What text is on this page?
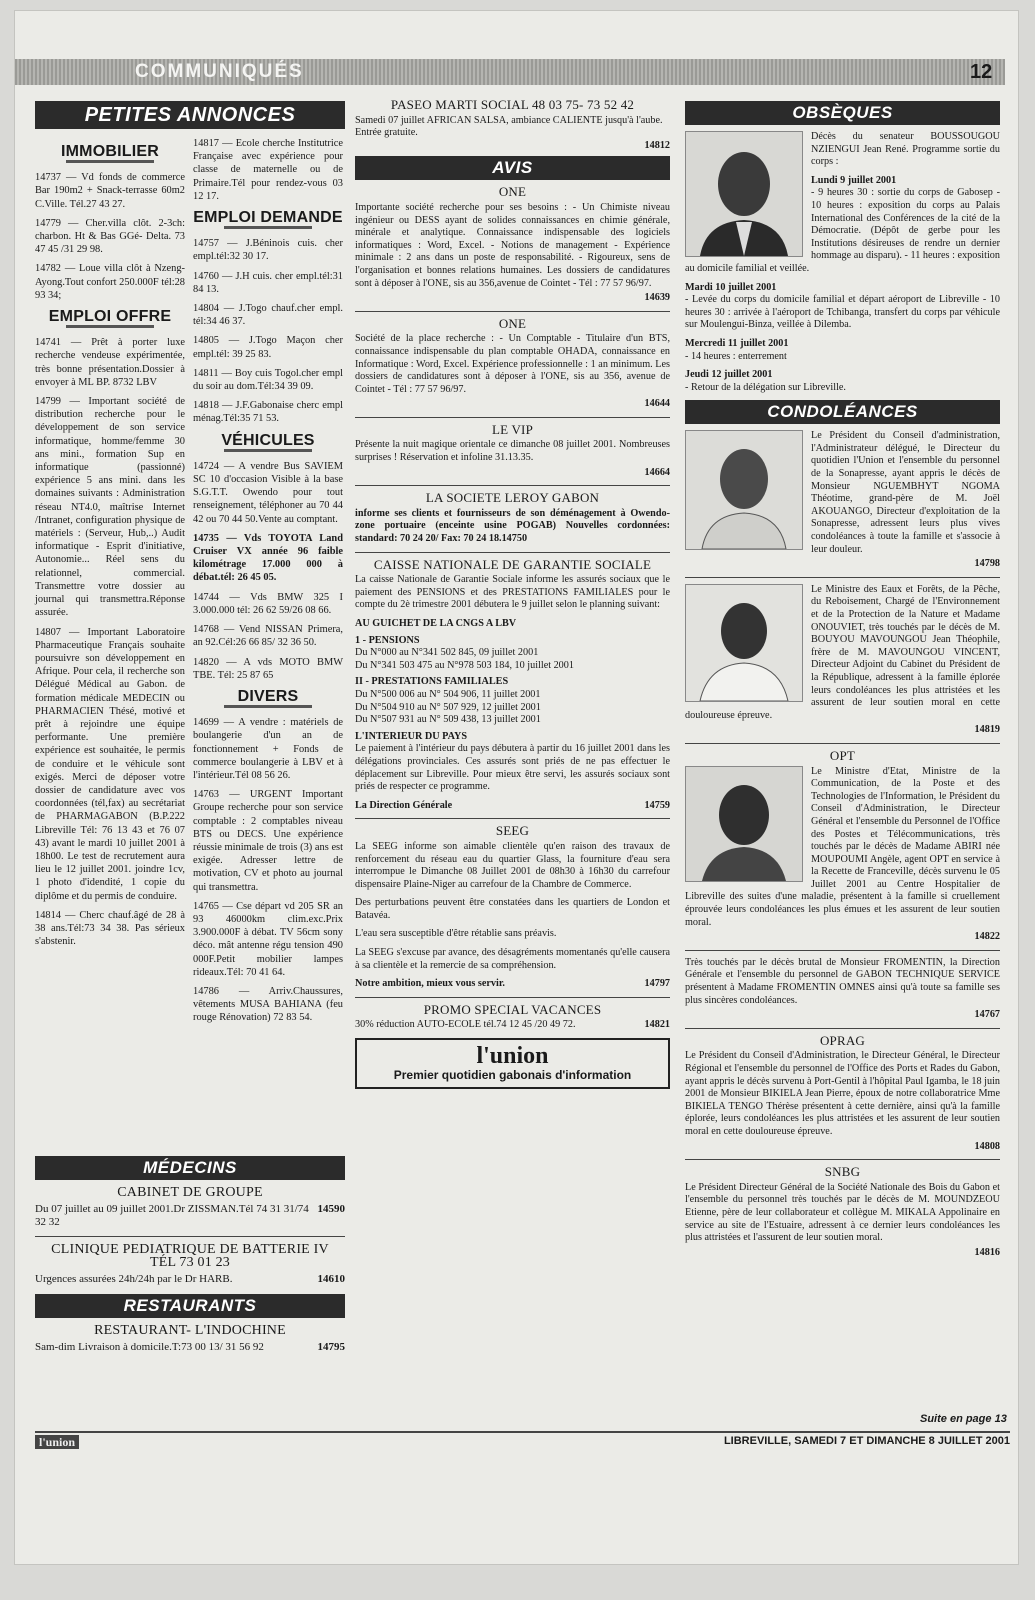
COMMUNIQUÉS	12
PETITES ANNONCES
IMMOBILIER

14737 — Vd fonds de commerce Bar 190m2 + Snack-terrasse 60m2 C.Ville. Tél.27 43 27.

14779 — Cher.villa clôt. 2-3ch: charbon. Ht & Bas GGé- Delta. 73 47 45 /31 29 98.

14782 — Loue villa clôt à Nzeng-Ayong.Tout confort 250.000F tél:28 93 34;

EMPLOI OFFRE

14741 — Prêt à porter luxe recherche vendeuse expérimentée, très bonne présentation.Dossier à envoyer à ML BP. 8732 LBV

14799 — Important société de distribution recherche pour le développement de son service informatique, homme/femme 30 ans mini., formation Sup en informatique (passionné) expérience 5 ans mini. dans les domaines suivants : Administration réseau NT4.0, maîtrise Internet /Intranet, configuration physique de matériels : (Serveur, Hub,..) Audit informatique - Esprit d'initiative, Autonomie... Réel sens du relationnel, commercial. Transmettre votre dossier au journal qui transmettra.Réponse assurée.

14807 — Important Laboratoire Pharmaceutique Français souhaite poursuivre son développement en Afrique. Pour cela, il recherche son Délégué Médical au Gabon. de formation médicale MEDECIN ou PHARMACIEN Thésé, motivé et prêt à rejoindre une équipe performante. Une première expérience est souhaitée, le permis de conduire et le véhicule sont exigés. Merci de déposer votre dossier de candidature avec vos coordonnées (tél,fax) au secrétariat de PHARMAGABON (B.P.222 Libreville Tél: 76 13 43 et 76 07 43) avant le mardi 10 juillet 2001 à 18h00. Le test de recrutement aura lieu le 12 juillet 2001. joindre 1cv, 1 photo d'idendité, 1 copie du diplôme et du permis de conduire.

14814 — Cherc chauf.âgé de 28 à 38 ans.Tél:73 34 38. Pas sérieux s'abstenir.

14817 — Ecole cherche Institutrice Française avec expérience pour classe de maternelle ou de Primaire.Tél pour rendez-vous 03 12 17.

EMPLOI DEMANDE

14757 — J.Béninois cuis. cher empl.tél:32 30 17.

14760 — J.H cuis. cher empl.tél:31 84 13.

14804 — J.Togo chauf.cher empl. tél:34 46 37.

14805 — J.Togo Maçon cher empl.tél: 39 25 83.

14811 — Boy cuis Togol.cher empl du soir au dom.Tél:34 39 09.

14818 — J.F.Gabonaise cherc empl ménag.Tél:35 71 53.

VÉHICULES

14724 — A vendre Bus SAVIEM SC 10 d'occasion Visible à la base S.G.T.T. Owendo pour tout renseignement, téléphoner au 70 44 42 ou 70 44 50.Vente au comptant.

14735 — Vds TOYOTA Land Cruiser VX année 96 faible kilométrage 17.000 000 à débat.tél: 26 45 05.

14744 — Vds BMW 325 I 3.000.000 tél: 26 62 59/26 08 66.

14768 — Vend NISSAN Primera, an 92.Cél:26 66 85/ 32 36 50.

14820 — A vds MOTO BMW TBE. Tél: 25 87 65

DIVERS

14699 — A vendre : matériels de boulangerie d'un an de fonctionnement + Fonds de commerce boulangerie à LBV et à l'intérieur.Tél 08 56 26.

14763 — URGENT Important Groupe recherche pour son service comptable : 2 comptables niveau BTS ou DECS. Une expérience réussie minimale de trois (3) ans est exigée. Adresser lettre de motivation, CV et photo au journal qui transmettra.

14765 — Cse départ vd 205 SR an 93 46000km clim.exc.Prix 3.900.000F à débat. TV 56cm sony déco. mât antenne régu tension 490 000F.Petit mobilier lampes rideaux.Tél: 70 41 64.

14786 — Arriv.Chaussures, vêtements MUSA BAHIANA (feu rouge Rénovation) 72 83 54.

MÉDECINS
CABINET DE GROUPE
Du 07 juillet au 09 juillet 2001.Dr ZISSMAN.Tél 74 31 31/74 32 32
14590
CLINIQUE PEDIATRIQUE DE BATTERIE IV
TÉL 73 01 23
Urgences assurées 24h/24h par le Dr HARB.	14610
RESTAURANTS
RESTAURANT- L'INDOCHINE
Sam-dim Livraison à domicile.T:73 00 13/ 31 56 92	14795
PASEO MARTI SOCIAL 48 03 75- 73 52 42
Samedi 07 juillet AFRICAN SALSA, ambiance CALIENTE jusqu'à l'aube. Entrée gratuite.
14812
AVIS
ONE
Importante société recherche pour ses besoins : - Un Chimiste niveau ingénieur ou DESS ayant de solides connaissances en chimie générale, minérale et analytique. Connaissance indispensable des logiciels informatiques : Word, Excel. - Notions de management - Expérience minimale : 2 ans dans un poste de responsabilité. - Rigoureux, sens de l'organisation et bonnes relations humaines. Les dossiers de candidatures sont à déposer à l'ONE, sis au 356,avenue de Cointet - Tél : 77 57 96/97.
14639
ONE
Société de la place recherche : - Un Comptable - Titulaire d'un BTS, connaissance indispensable du plan comptable OHADA, connaissance en Informatique : Word, Excel. Expérience professionnelle : 1 an minimum. Les dossiers de candidatures sont à déposer à l'ONE, sis au 356, avenue de Cointet - Tél : 77 57 96/97.
14644
LE VIP
Présente la nuit magique orientale ce dimanche 08 juillet 2001. Nombreuses surprises ! Réservation et infoline 31.13.35.
14664
LA SOCIETE LEROY GABON
informe ses clients et fournisseurs de son déménagement à Owendo- zone portuaire (enceinte usine POGAB) Nouvelles cordonnées: standard: 70 24 20/ Fax: 70 24 18.14750
CAISSE NATIONALE DE GARANTIE SOCIALE
La caisse Nationale de Garantie Sociale informe les assurés sociaux que le paiement des PENSIONS et des PRESTATIONS FAMILIALES pour le compte du 2è trimestre 2001 débutera le 9 juillet selon le planning suivant:
AU GUICHET DE LA CNGS A LBV
1 - PENSIONS
Du N°000 au N°341 502 845, 09 juillet 2001
Du N°341 503 475 au N°978 503 184, 10 juillet 2001
II - PRESTATIONS FAMILIALES
Du N°500 006 au N° 504 906, 11 juillet 2001
Du N°504 910 au N° 507 929, 12 juillet 2001
Du N°507 931 au N° 509 438, 13 juillet 2001
L'INTERIEUR DU PAYS
Le paiement à l'intérieur du pays débutera à partir du 16 juillet 2001 dans les délégations provinciales. Ces assurés sont priés de ne pas effectuer le déplacement sur Libreville. Pour mieux être servi, les assurés sociaux sont priés de respecter ce programme.
La Direction Générale	14759
SEEG
La SEEG informe son aimable clientèle qu'en raison des travaux de renforcement du réseau eau du quartier Glass, la fourniture d'eau sera interrompue le Dimanche 08 Juillet 2001 de 08h30 à 16h30 du carrefour dispensaire Plaine-Niger au carrefour de la Chambre de Commerce.
Des perturbations peuvent être constatées dans les quartiers de London et Batavéa.
L'eau sera susceptible d'être rétablie sans préavis.
La SEEG s'excuse par avance, des désagréments momentanés qu'elle causera à sa clientèle et la remercie de sa compréhension.
Notre ambition, mieux vous servir.	14797
PROMO SPECIAL VACANCES
30% réduction AUTO-ECOLE tél.74 12 45 /20 49 72.	14821
l'union
Premier quotidien gabonais d'information
OBSÈQUES
Décès du senateur BOUSSOUGOU NZIENGUI Jean René. Programme sortie du corps :
Lundi 9 juillet 2001
- 9 heures 30 : sortie du corps de Gabosep - 10 heures : exposition du corps au Palais International des Conférences de la cité de la Démocratie. (Dépôt de gerbe pour les Institutions désireuses de rendre un dernier hommage au disparu). - 11 heures : exposition au domicile familial et veillée.
Mardi 10 juillet 2001
- Levée du corps du domicile familial et départ aéroport de Libreville - 10 heures 30 : arrivée à l'aéroport de Tchibanga, transfert du corps par véhicule sur Moulengui-Binza, veillée à Dilemba.
Mercredi 11 juillet 2001
- 14 heures : enterrement
Jeudi 12 juillet 2001
- Retour de la délégation sur Libreville.
CONDOLÉANCES
Le Président du Conseil d'administration, l'Administrateur délégué, le Directeur du quotidien l'Union et l'ensemble du personnel de la Sonapresse, ayant appris le décès de Monsieur NGUEMBHYT NGOMA Théotime, grand-père de M. Joël AKOUANGO, Directeur d'exploitation de la Sonapresse, adressent leurs plus vives condoléances à toute la famille et s'associe à leur douleur.
14798
Le Ministre des Eaux et Forêts, de la Pêche, du Reboisement, Chargé de l'Environnement et de la Protection de la Nature et Madame ONOUVIET, très touchés par le décès de M. BOUYOU MAVOUNGOU Jean Théophile, frère de M. MAVOUNGOU VINCENT, Directeur Adjoint du Cabinet du Président de la République, adressent à la famille éplorée leurs condoléances les plus attristées et les assurent de leur soutien moral en cette douloureuse épreuve.
14819
OPT
Le Ministre d'Etat, Ministre de la Communication, de la Poste et des Technologies de l'Information, le Président du Conseil d'Administration, le Directeur Général et l'ensemble du Personnel de l'Office des Postes et Télécommunications, très touchés par le décès de Madame ABIRI née MOUPOUMI Angèle, agent OPT en service à la Recette de Franceville, décès survenu le 05 Juillet 2001 au Centre Hospitalier de Libreville des suites d'une maladie, présentent à la famille si cruellement éprouvée leurs condoléances les plus émues et les assurent de leur soutien moral.
14822
Très touchés par le décès brutal de Monsieur FROMENTIN, la Direction Générale et l'ensemble du personnel de GABON TECHNIQUE SERVICE présentent à Madame FROMENTIN OMNES ainsi qu'à toute sa famille ses plus sincères condoléances.
14767
OPRAG
Le Président du Conseil d'Administration, le Directeur Général, le Directeur Régional et l'ensemble du personnel de l'Office des Ports et Rades du Gabon, ayant appris le décès survenu à Port-Gentil à l'hôpital Paul Igamba, le 18 juin 2001 de Monsieur BIKIELA Jean Pierre, époux de notre collaboratrice Mme BIKIELA TENGO Thérèse présentent à cette dernière, ainsi qu'à la famille éplorée, leurs condoléances les plus attristées et les assurent de leur soutien moral en cette douloureuse épreuve.
14808
SNBG
Le Président Directeur Général de la Société Nationale des Bois du Gabon et l'ensemble du personnel très touchés par le décès de M. MOUNDZEOU Etienne, père de leur collaborateur et collègue M. MIKALA Appolinaire en service au site de l'Estuaire, adressent à ce dernier leurs condoléances les plus attristées et l'assurent de leur soutien moral.
14816
Suite en page 13
l'union	LIBREVILLE, SAMEDI 7 ET DIMANCHE 8 JUILLET 2001
